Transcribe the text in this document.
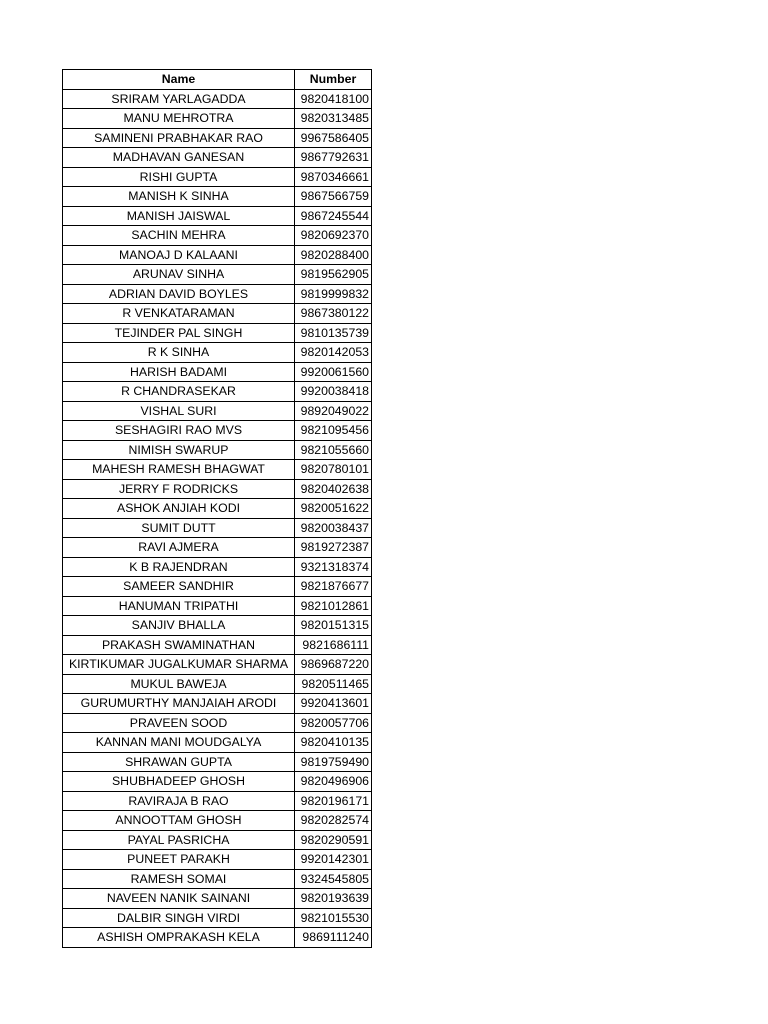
Name	Number
SRIRAM YARLAGADDA	9820418100
MANU MEHROTRA	9820313485
SAMINENI PRABHAKAR RAO	9967586405
MADHAVAN GANESAN	9867792631
RISHI GUPTA	9870346661
MANISH K SINHA	9867566759
MANISH JAISWAL	9867245544
SACHIN MEHRA	9820692370
MANOAJ D KALAANI	9820288400
ARUNAV SINHA	9819562905
ADRIAN DAVID BOYLES	9819999832
R VENKATARAMAN	9867380122
TEJINDER PAL SINGH	9810135739
R K SINHA	9820142053
HARISH BADAMI	9920061560
R CHANDRASEKAR	9920038418
VISHAL SURI	9892049022
SESHAGIRI RAO MVS	9821095456
NIMISH SWARUP	9821055660
MAHESH RAMESH BHAGWAT	9820780101
JERRY F RODRICKS	9820402638
ASHOK ANJIAH KODI	9820051622
SUMIT DUTT	9820038437
RAVI AJMERA	9819272387
K B RAJENDRAN	9321318374
SAMEER SANDHIR	9821876677
HANUMAN TRIPATHI	9821012861
SANJIV BHALLA	9820151315
PRAKASH SWAMINATHAN	9821686111
KIRTIKUMAR JUGALKUMAR SHARMA	9869687220
MUKUL BAWEJA	9820511465
GURUMURTHY MANJAIAH ARODI	9920413601
PRAVEEN SOOD	9820057706
KANNAN MANI MOUDGALYA	9820410135
SHRAWAN GUPTA	9819759490
SHUBHADEEP GHOSH	9820496906
RAVIRAJA B RAO	9820196171
ANNOOTTAM GHOSH	9820282574
PAYAL PASRICHA	9820290591
PUNEET PARAKH	9920142301
RAMESH SOMAI	9324545805
NAVEEN NANIK SAINANI	9820193639
DALBIR SINGH VIRDI	9821015530
ASHISH OMPRAKASH KELA	9869111240
